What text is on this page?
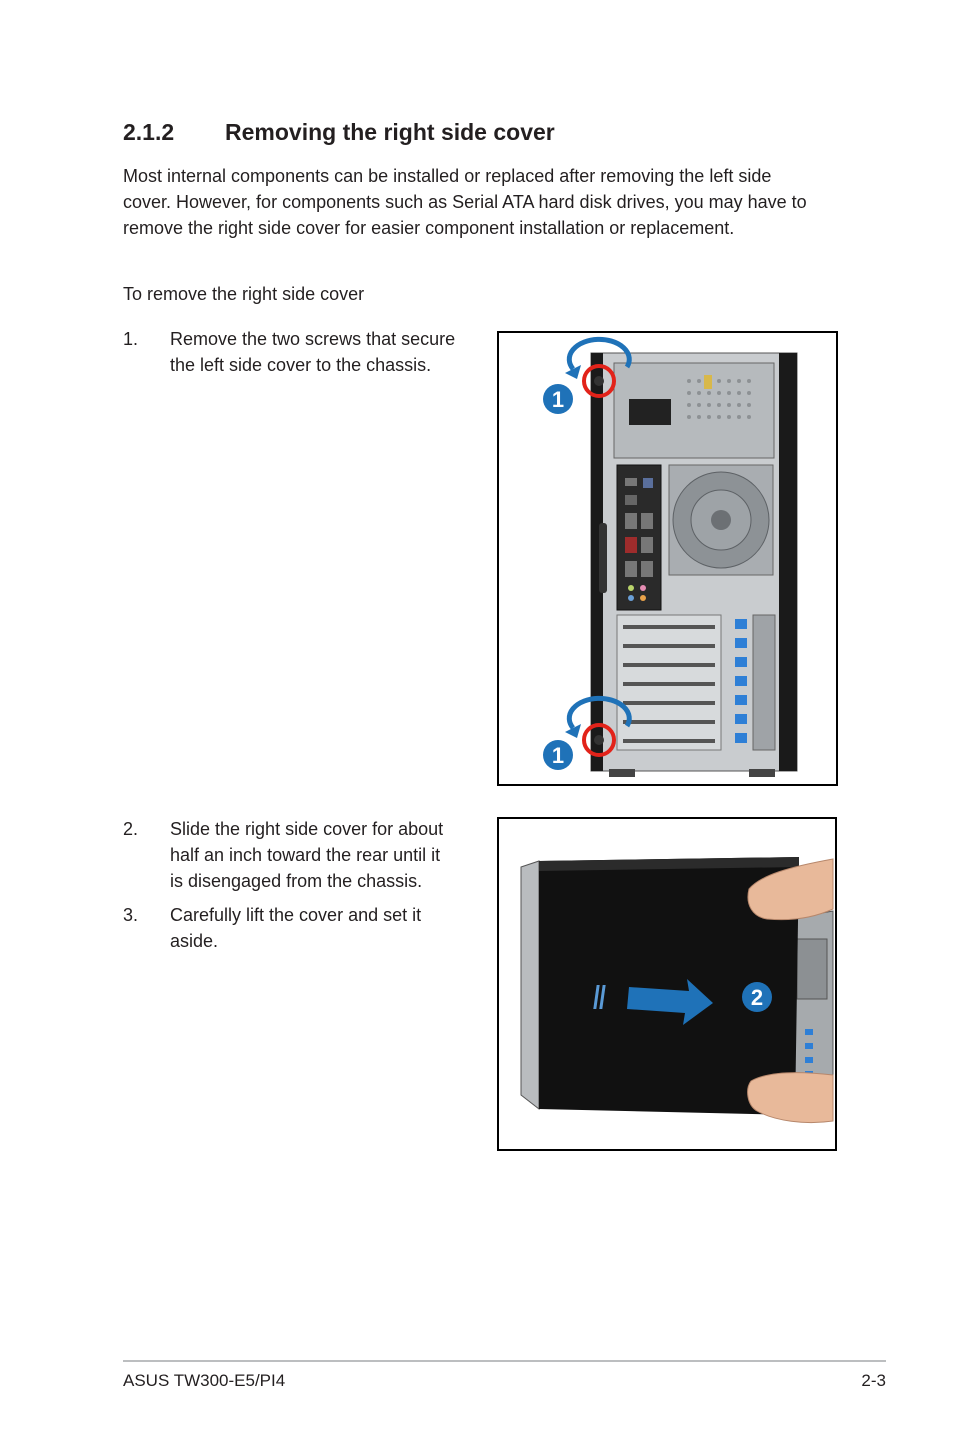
2.1.2 Removing the right side cover
Most internal components can be installed or replaced after removing the left side cover. However, for components such as Serial ATA hard disk drives, you may have to remove the right side cover for easier component installation or replacement.
To remove the right side cover
1. Remove the two screws that secure
the left side cover to the chassis.
2. Slide the right side cover for about
half an inch toward the rear until it
is disengaged from the chassis.
3. Carefully lift the cover and set it
aside.
1
1
2
ASUS TW300-E5/PI4	2-3
